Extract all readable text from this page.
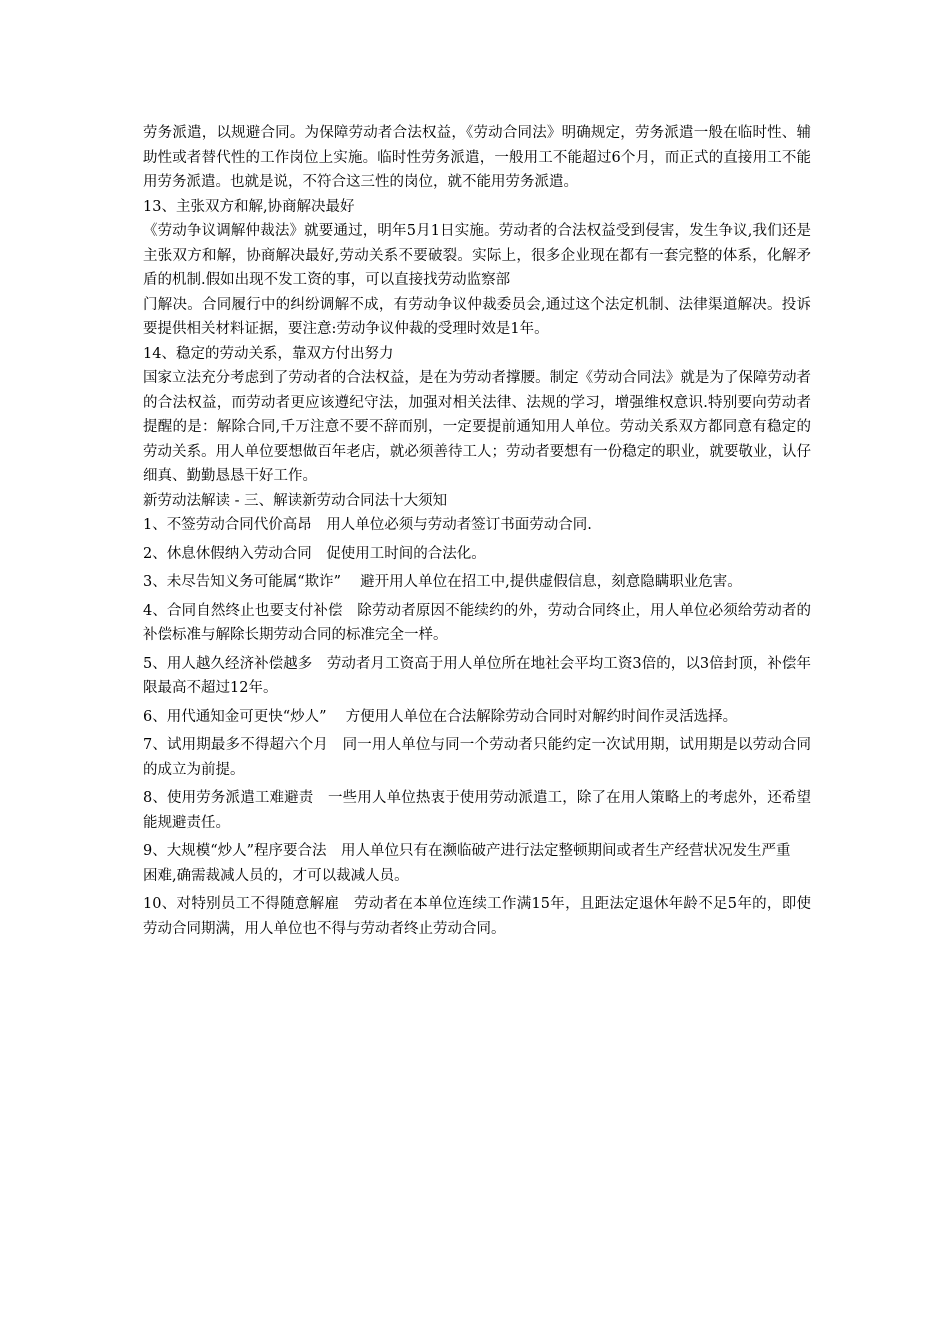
劳务派遣，以规避合同。为保障劳动者合法权益，《劳动合同法》明确规定，劳务派遣一般在临时性、辅助性或者替代性的工作岗位上实施。临时性劳务派遣，一般用工不能超过6个月，而正式的直接用工不能用劳务派遣。也就是说，不符合这三性的岗位，就不能用劳务派遣。

13、主张双方和解,协商解决最好

《劳动争议调解仲裁法》就要通过，明年5月1日实施。劳动者的合法权益受到侵害，发生争议,我们还是主张双方和解，协商解决最好,劳动关系不要破裂。实际上，很多企业现在都有一套完整的体系，化解矛盾的机制.假如出现不发工资的事，可以直接找劳动监察部

门解决。合同履行中的纠纷调解不成，有劳动争议仲裁委员会,通过这个法定机制、法律渠道解决。投诉要提供相关材料证据，要注意:劳动争议仲裁的受理时效是1年。

14、稳定的劳动关系，靠双方付出努力

国家立法充分考虑到了劳动者的合法权益，是在为劳动者撑腰。制定《劳动合同法》就是为了保障劳动者的合法权益，而劳动者更应该遵纪守法，加强对相关法律、法规的学习，增强维权意识.特别要向劳动者提醒的是：解除合同,千万注意不要不辞而别，一定要提前通知用人单位。劳动关系双方都同意有稳定的劳动关系。用人单位要想做百年老店，就必须善待工人；劳动者要想有一份稳定的职业，就要敬业，认仔细真、勤勤恳恳干好工作。

新劳动法解读 - 三、解读新劳动合同法十大须知

1、不签劳动合同代价高昂　用人单位必须与劳动者签订书面劳动合同.

2、休息休假纳入劳动合同　促使用工时间的合法化。

3、未尽告知义务可能属“欺诈”　 避开用人单位在招工中,提供虚假信息，刻意隐瞒职业危害。

4、合同自然终止也要支付补偿　除劳动者原因不能续约的外，劳动合同终止，用人单位必须给劳动者的补偿标准与解除长期劳动合同的标准完全一样。

5、用人越久经济补偿越多　劳动者月工资高于用人单位所在地社会平均工资3倍的，以3倍封顶，补偿年限最高不超过12年。

6、用代通知金可更快“炒人”　 方便用人单位在合法解除劳动合同时对解约时间作灵活选择。

7、试用期最多不得超六个月　同一用人单位与同一个劳动者只能约定一次试用期，试用期是以劳动合同的成立为前提。

8、使用劳务派遣工难避责　一些用人单位热衷于使用劳动派遣工，除了在用人策略上的考虑外，还希望能规避责任。

9、大规模“炒人”程序要合法　用人单位只有在濒临破产进行法定整顿期间或者生产经营状况发生严重

困难,确需裁减人员的，才可以裁减人员。

10、对特别员工不得随意解雇　劳动者在本单位连续工作满15年，且距法定退休年龄不足5年的，即使劳动合同期满，用人单位也不得与劳动者终止劳动合同。
